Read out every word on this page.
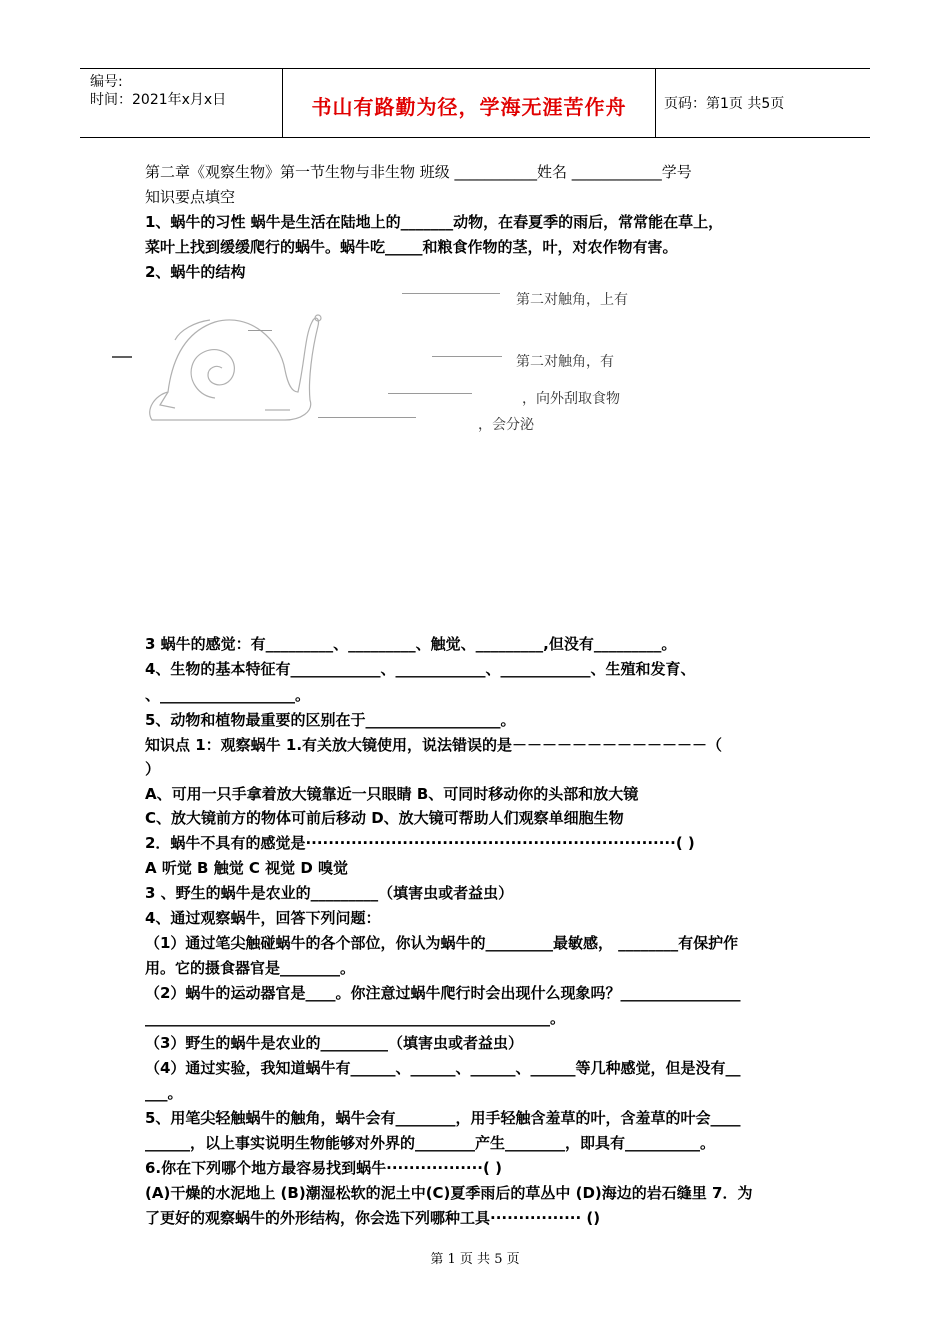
编号:
时间：2021年x月x日	书山有路勤为径，学海无涯苦作舟	页码：第1页 共5页
第二章《观察生物》第一节生物与非生物 班级 ___________姓名 ____________学号
知识要点填空
1、蜗牛的习性 蜗牛是生活在陆地上的_______动物，在春夏季的雨后，常常能在草上，
菜叶上找到缓缓爬行的蜗牛。蜗牛吃_____和粮食作物的茎，叶，对农作物有害。
2、蜗牛的结构
第二对触角，上有
第二对触角，有
，向外刮取食物
，会分泌
3 蜗牛的感觉：有_________、_________、触觉、_________,但没有_________。
4、生物的基本特征有____________、____________、____________、生殖和发育、
、__________________。
5、动物和植物最重要的区别在于__________________。
知识点 1：观察蜗牛 1.有关放大镜使用，说法错误的是－－－－－－－－－－－－－（
）
A、可用一只手拿着放大镜靠近一只眼睛 B、可同时移动你的头部和放大镜
C、放大镜前方的物体可前后移动 D、放大镜可帮助人们观察单细胞生物
2．蜗牛不具有的感觉是·································································( )
A 听觉 B 触觉 C 视觉 D 嗅觉
3 、野生的蜗牛是农业的_________（填害虫或者益虫）
4、通过观察蜗牛，回答下列问题：
（1）通过笔尖触碰蜗牛的各个部位，你认为蜗牛的_________最敏感， ________有保护作
用。它的摄食器官是________。
（2）蜗牛的运动器官是____。你注意过蜗牛爬行时会出现什么现象吗？________________
______________________________________________________。
（3）野生的蜗牛是农业的_________（填害虫或者益虫）
（4）通过实验，我知道蜗牛有______、______、______、______等几种感觉，但是没有__
___。
5、用笔尖轻触蜗牛的触角，蜗牛会有________，用手轻触含羞草的叶，含羞草的叶会____
______，以上事实说明生物能够对外界的________产生________，即具有__________。
6.你在下列哪个地方最容易找到蜗牛·················( )
(A)干燥的水泥地上 (B)潮湿松软的泥土中(C)夏季雨后的草丛中 (D)海边的岩石缝里 7．为
了更好的观察蜗牛的外形结构，你会选下列哪种工具················ ()
第 1 页 共 5 页
